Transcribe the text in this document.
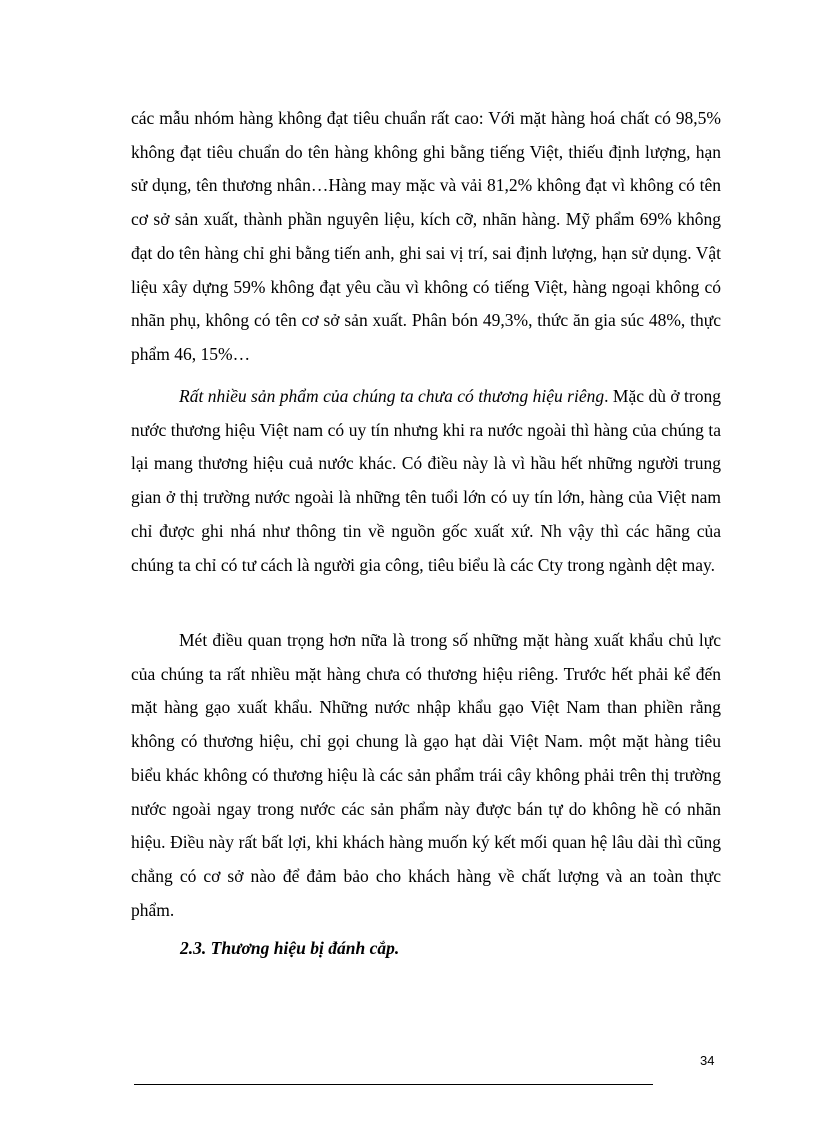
các mẫu nhóm hàng không đạt tiêu chuẩn rất cao: Với mặt hàng hoá chất có 98,5% không đạt tiêu chuẩn do tên hàng không ghi bằng tiếng Việt, thiếu định lượng, hạn sử dụng, tên thương nhân…Hàng may mặc và vải 81,2% không đạt vì không có tên cơ sở sản xuất, thành phần nguyên liệu, kích cỡ, nhãn hàng. Mỹ phẩm 69% không đạt do tên hàng chỉ ghi bằng tiến anh, ghi sai vị trí, sai định lượng, hạn sử dụng. Vật liệu xây dựng 59% không đạt yêu cầu vì không có tiếng Việt, hàng ngoại không có nhãn phụ, không có tên cơ sở sản xuất. Phân bón 49,3%, thức ăn gia súc 48%, thực phẩm 46, 15%…

Rất nhiều sản phẩm của chúng ta chưa có thương hiệu riêng. Mặc dù ở trong nước thương hiệu Việt nam có uy tín nhưng khi ra nước ngoài thì hàng của chúng ta lại mang thương hiệu cuả nước khác. Có điều này là vì hầu hết những người trung gian ở thị trường nước ngoài là những tên tuổi lớn có uy tín lớn, hàng của Việt nam chỉ được ghi nhá như thông tin về nguồn gốc xuất xứ. Nh vậy thì các hãng của chúng ta chỉ có tư cách là người gia công, tiêu biểu là các Cty trong ngành dệt may.

Mét điều quan trọng hơn nữa là trong số những mặt hàng xuất khẩu chủ lực của chúng ta rất nhiều mặt hàng chưa có thương hiệu riêng. Trước hết phải kể đến mặt hàng gạo xuất khẩu. Những nước nhập khẩu gạo Việt Nam than phiền rằng không có thương hiệu, chỉ gọi chung là gạo hạt dài Việt Nam. một mặt hàng tiêu biểu khác không có thương hiệu là các sản phẩm trái cây không phải trên thị trường nước ngoài ngay trong nước các sản phẩm này được bán tự do không hề có nhãn hiệu. Điều này rất bất lợi, khi khách hàng muốn ký kết mối quan hệ lâu dài thì cũng chẳng có cơ sở nào để đảm bảo cho khách hàng về chất lượng và an toàn thực phẩm.

2.3. Thương hiệu bị đánh cắp.
34
